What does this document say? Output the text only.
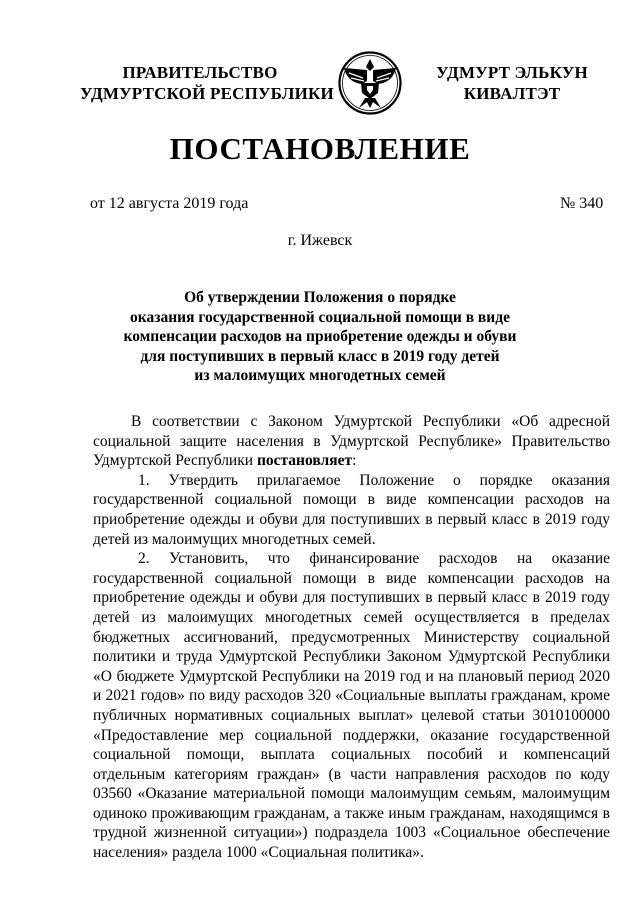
ПРАВИТЕЛЬСТВО
УДМУРТСКОЙ РЕСПУБЛИКИ
УДМУРТ ЭЛЬКУН
КИВАЛТЭТ
ПОСТАНОВЛЕНИЕ
от 12 августа 2019 года	№ 340
г. Ижевск
Об утверждении Положения о порядке
оказания государственной социальной помощи в виде
компенсации расходов на приобретение одежды и обуви
для поступивших в первый класс в 2019 году детей
из малоимущих многодетных семей

В соответствии с Законом Удмуртской Республики «Об адресной социальной защите населения в Удмуртской Республике» Правительство Удмуртской Республики постановляет:

1. Утвердить прилагаемое Положение о порядке оказания государственной социальной помощи в виде компенсации расходов на приобретение одежды и обуви для поступивших в первый класс в 2019 году детей из малоимущих многодетных семей.

2. Установить, что финансирование расходов на оказание государственной социальной помощи в виде компенсации расходов на приобретение одежды и обуви для поступивших в первый класс в 2019 году детей из малоимущих многодетных семей осуществляется в пределах бюджетных ассигнований, предусмотренных Министерству социальной политики и труда Удмуртской Республики Законом Удмуртской Республики «О бюджете Удмуртской Республики на 2019 год и на плановый период 2020 и 2021 годов» по виду расходов 320 «Социальные выплаты гражданам, кроме публичных нормативных социальных выплат» целевой статьи 3010100000 «Предоставление мер социальной поддержки, оказание государственной социальной помощи, выплата социальных пособий и компенсаций отдельным категориям граждан» (в части направления расходов по коду 03560 «Оказание материальной помощи малоимущим семьям, малоимущим одиноко проживающим гражданам, а также иным гражданам, находящимся в трудной жизненной ситуации») подраздела 1003 «Социальное обеспечение населения» раздела 1000 «Социальная политика».
